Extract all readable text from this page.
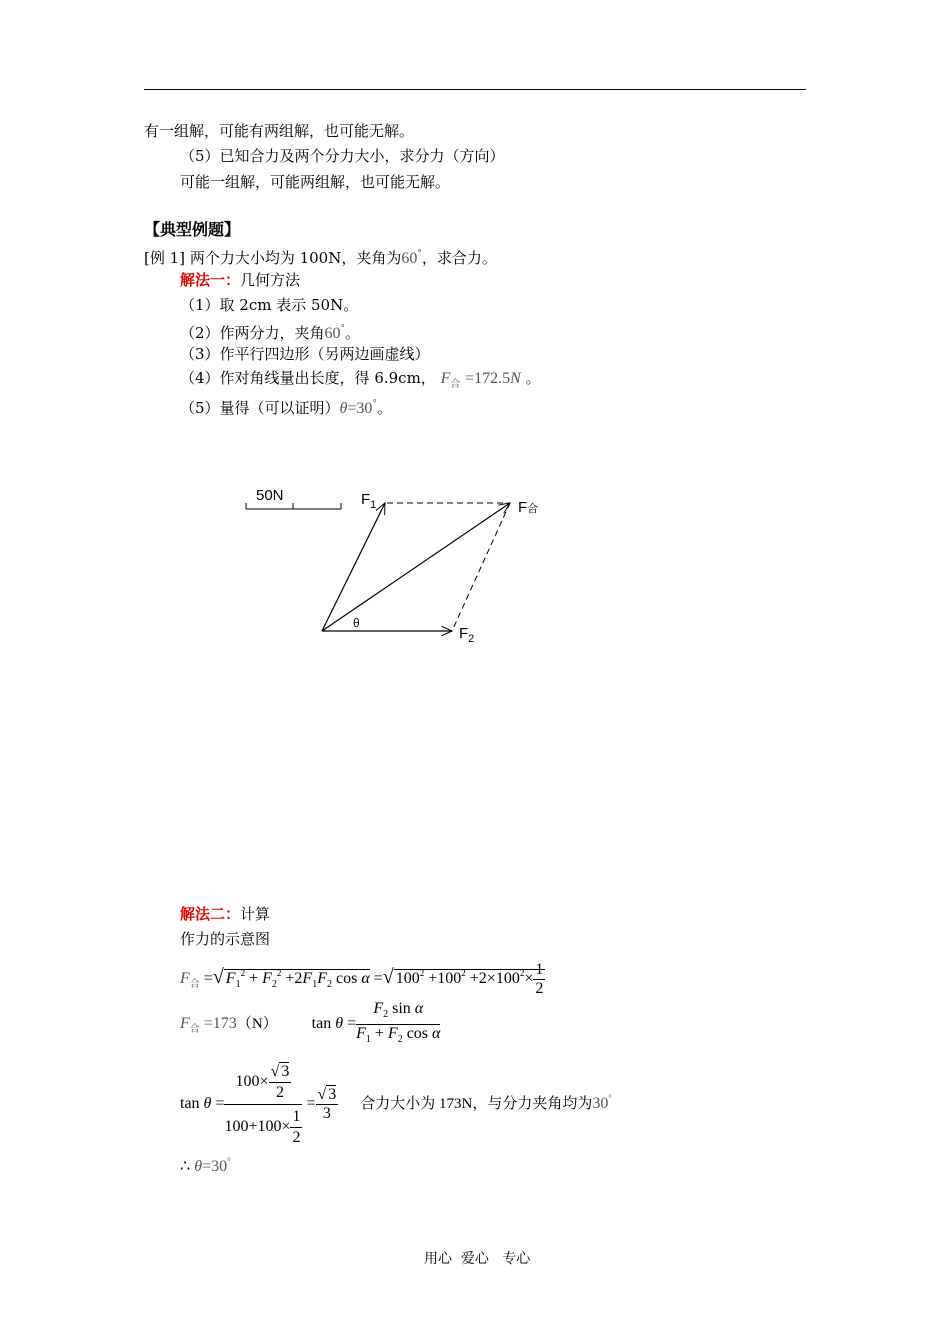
有一组解，可能有两组解，也可能无解。
（5）已知合力及两个分力大小，求分力（方向）
可能一组解，可能两组解，也可能无解。
【典型例题】
[例 1] 两个力大小均为 100N，夹角为60°，求合力。
解法一：几何方法
（1）取 2cm 表示 50N。
（2）作两分力，夹角60°。
（3）作平行四边形（另两边画虚线）
（4）作对角线量出长度，得 6.9cm， $F_合 =172.5N$ 。
（5）量得（可以证明）θ=30°。
50N	$F_1$	F合
$F_2$
θ
解法二：计算
作力的示意图
$F_合$ =√ $F_1^2 + F_2^2 +2F_1F_2$ cos α =√ $100^2 +100^2 +2\times 100^2\times \frac{1}{2}$
$F_合 =173(N)$ $\tan \theta = \frac{F_2 \sin \alpha}{F_1 + F_2 \cos \alpha}$
$\tan \theta = \frac{100\times \frac{√ 3}{2}}{100+100\times \frac{1}{2}} = \frac{√ 3}{3}$ 合力大小为 173N，与分力夹角均为30°
∴ θ=30°
用心  爱心   专心
